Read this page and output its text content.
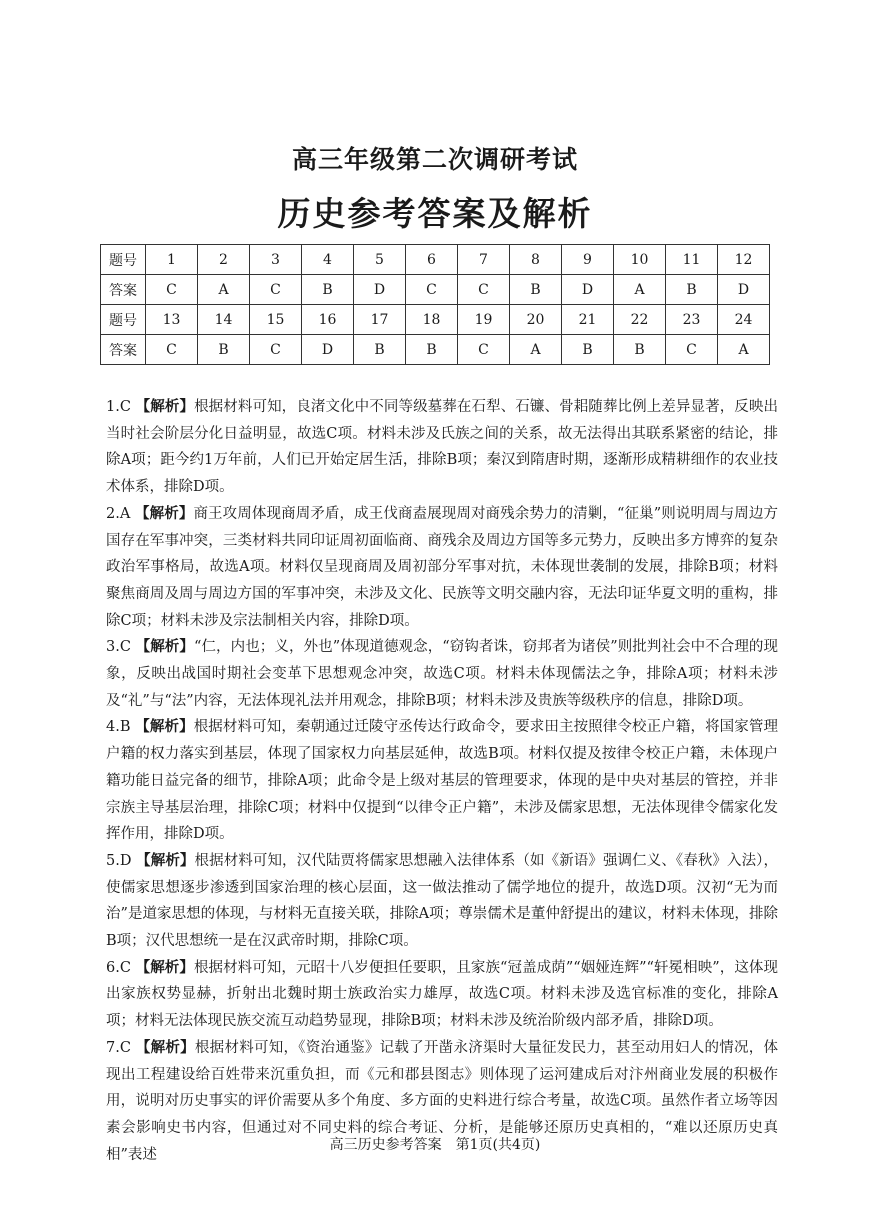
高三年级第二次调研考试
历史参考答案及解析
题号	1	2	3	4	5	6	7	8	9	10	11	12
答案	C	A	C	B	D	C	C	B	D	A	B	D
题号	13	14	15	16	17	18	19	20	21	22	23	24
答案	C	B	C	D	B	B	C	A	B	B	C	A
1.C 【解析】根据材料可知，良渚文化中不同等级墓葬在石犁、石镰、骨耜随葬比例上差异显著，反映出当时社会阶层分化日益明显，故选C项。材料未涉及氏族之间的关系，故无法得出其联系紧密的结论，排除A项；距今约1万年前，人们已开始定居生活，排除B项；秦汉到隋唐时期，逐渐形成精耕细作的农业技术体系，排除D项。
2.A 【解析】商王攻周体现商周矛盾，成王伐商盍展现周对商残余势力的清剿，“征巢”则说明周与周边方国存在军事冲突，三类材料共同印证周初面临商、商残余及周边方国等多元势力，反映出多方博弈的复杂政治军事格局，故选A项。材料仅呈现商周及周初部分军事对抗，未体现世袭制的发展，排除B项；材料聚焦商周及周与周边方国的军事冲突，未涉及文化、民族等文明交融内容，无法印证华夏文明的重构，排除C项；材料未涉及宗法制相关内容，排除D项。
3.C 【解析】“仁，内也；义，外也”体现道德观念，“窃钩者诛，窃邦者为诸侯”则批判社会中不合理的现象，反映出战国时期社会变革下思想观念冲突，故选C项。材料未体现儒法之争，排除A项；材料未涉及“礼”与“法”内容，无法体现礼法并用观念，排除B项；材料未涉及贵族等级秩序的信息，排除D项。
4.B 【解析】根据材料可知，秦朝通过迁陵守丞传达行政命令，要求田主按照律令校正户籍，将国家管理户籍的权力落实到基层，体现了国家权力向基层延伸，故选B项。材料仅提及按律令校正户籍，未体现户籍功能日益完备的细节，排除A项；此命令是上级对基层的管理要求，体现的是中央对基层的管控，并非宗族主导基层治理，排除C项；材料中仅提到“以律令正户籍”，未涉及儒家思想，无法体现律令儒家化发挥作用，排除D项。
5.D 【解析】根据材料可知，汉代陆贾将儒家思想融入法律体系（如《新语》强调仁义、《春秋》入法），使儒家思想逐步渗透到国家治理的核心层面，这一做法推动了儒学地位的提升，故选D项。汉初“无为而治”是道家思想的体现，与材料无直接关联，排除A项；尊崇儒术是董仲舒提出的建议，材料未体现，排除B项；汉代思想统一是在汉武帝时期，排除C项。
6.C 【解析】根据材料可知，元昭十八岁便担任要职，且家族“冠盖成荫”“姻娅连辉”“轩冕相映”，这体现出家族权势显赫，折射出北魏时期士族政治实力雄厚，故选C项。材料未涉及选官标准的变化，排除A项；材料无法体现民族交流互动趋势显现，排除B项；材料未涉及统治阶级内部矛盾，排除D项。
7.C 【解析】根据材料可知，《资治通鉴》记载了开凿永济渠时大量征发民力，甚至动用妇人的情况，体现出工程建设给百姓带来沉重负担，而《元和郡县图志》则体现了运河建成后对汴州商业发展的积极作用，说明对历史事实的评价需要从多个角度、多方面的史料进行综合考量，故选C项。虽然作者立场等因素会影响史书内容，但通过对不同史料的综合考证、分析，是能够还原历史真相的，“难以还原历史真相”表述
高三历史参考答案　第1页(共4页)
